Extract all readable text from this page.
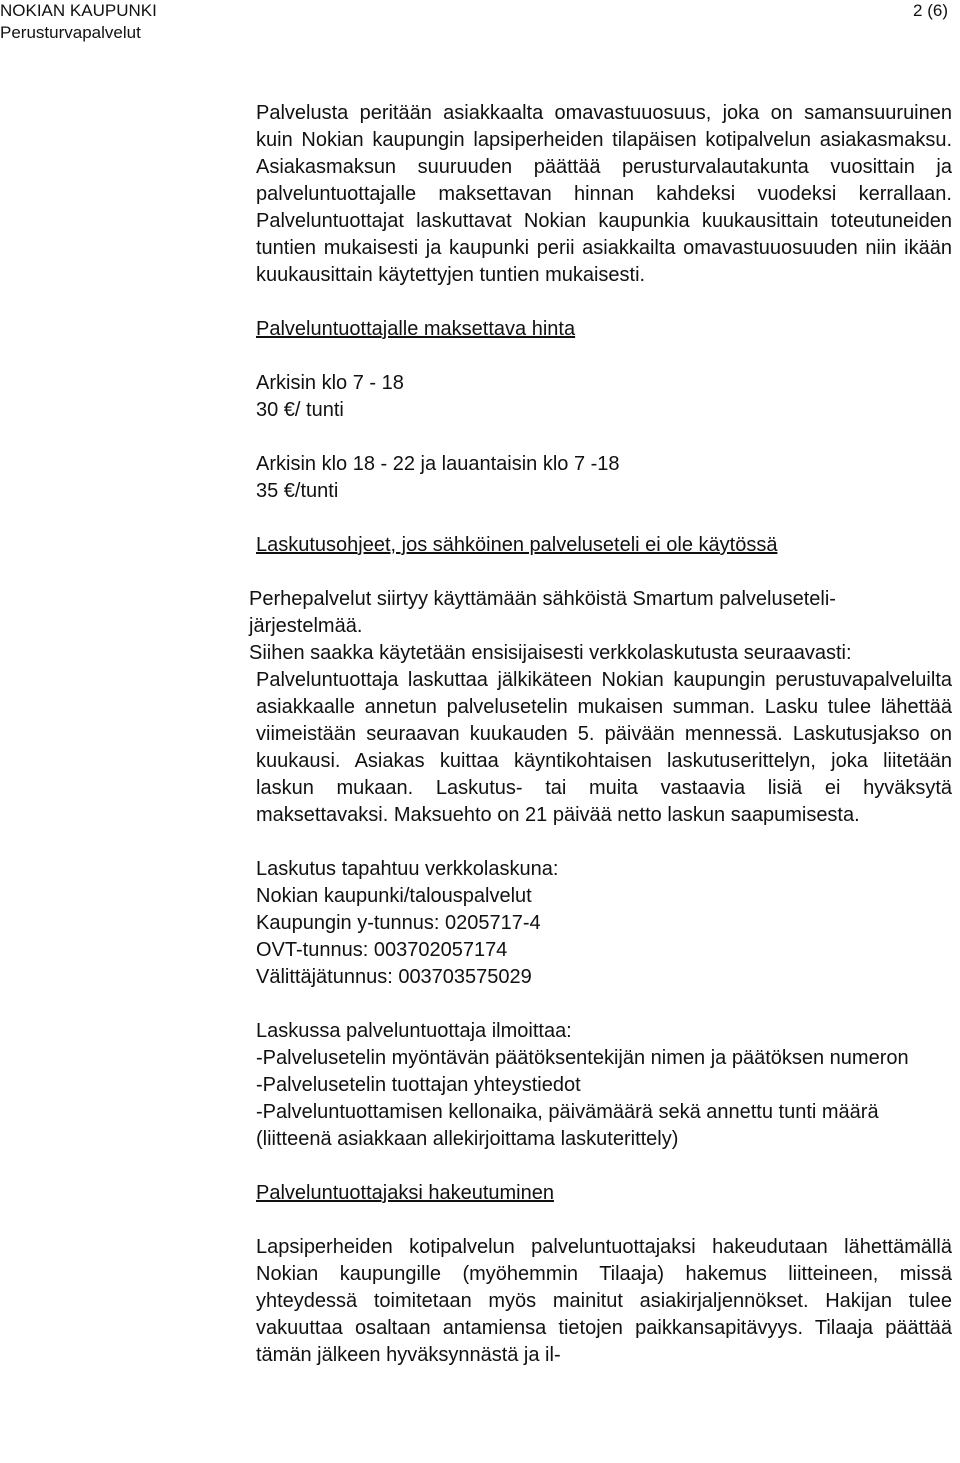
NOKIAN KAUPUNKI
Perusturvapalvelut
2 (6)

Palvelusta peritään asiakkaalta omavastuuosuus, joka on samansuuruinen kuin Nokian kaupungin lapsiperheiden tilapäisen kotipalvelun asiakasmaksu. Asiakasmaksun suuruuden päättää perusturvalautakunta vuosittain ja palveluntuottajalle maksettavan hinnan kahdeksi vuodeksi kerrallaan. Palveluntuottajat laskuttavat Nokian kaupunkia kuukausittain toteutuneiden tuntien mukaisesti ja kaupunki perii asiakkailta omavastuuosuuden niin ikään kuukausittain käytettyjen tuntien mukaisesti.

Palveluntuottajalle maksettava hinta
Arkisin klo 7 - 18
30 €/ tunti
Arkisin klo 18 - 22 ja lauantaisin klo 7 -18
35 €/tunti
Laskutusohjeet, jos sähköinen palveluseteli ei ole käytössä
Perhepalvelut siirtyy käyttämään sähköistä Smartum palveluseteli-
järjestelmää.
Siihen saakka käytetään ensisijaisesti verkkolaskutusta seuraavasti:

Palveluntuottaja laskuttaa jälkikäteen Nokian kaupungin perustuvapalveluilta asiakkaalle annetun palvelusetelin mukaisen summan. Lasku tulee lähettää viimeistään seuraavan kuukauden 5. päivään mennessä. Laskutusjakso on kuukausi. Asiakas kuittaa käyntikohtaisen laskutuserittelyn, joka liitetään laskun mukaan. Laskutus- tai muita vastaavia lisiä ei hyväksytä maksettavaksi. Maksuehto on 21 päivää netto laskun saapumisesta.

Laskutus tapahtuu verkkolaskuna:
Nokian kaupunki/talouspalvelut
Kaupungin y-tunnus: 0205717-4
OVT-tunnus: 003702057174
Välittäjätunnus: 003703575029
Laskussa palveluntuottaja ilmoittaa:

-Palvelusetelin myöntävän päätöksentekijän nimen ja päätöksen numeron

-Palvelusetelin tuottajan yhteystiedot

-Palveluntuottamisen kellonaika, päivämäärä sekä annettu tunti määrä (liitteenä asiakkaan allekirjoittama laskuterittely)

Palveluntuottajaksi hakeutuminen

Lapsiperheiden kotipalvelun palveluntuottajaksi hakeudutaan lähettämällä Nokian kaupungille (myöhemmin Tilaaja) hakemus liitteineen, missä yhteydessä toimitetaan myös mainitut asiakirjaljennökset. Hakijan tulee vakuuttaa osaltaan antamiensa tietojen paikkansapitävyys. Tilaaja päättää tämän jälkeen hyväksynnästä ja il-
